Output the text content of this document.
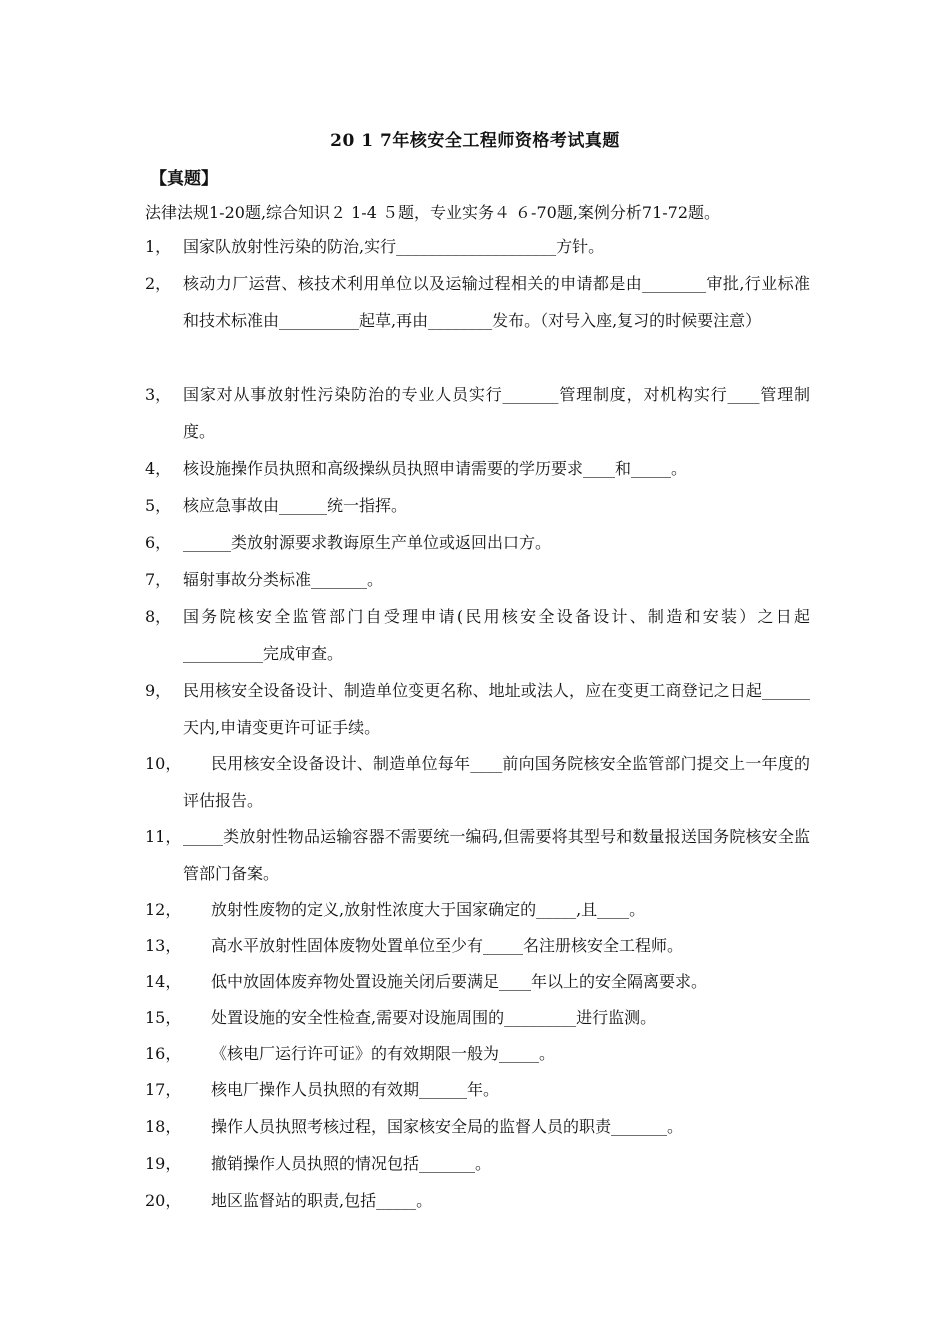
20 1 7年核安全工程师资格考试真题
【真题】
法律法规1-20题,综合知识２ 1-4 ５题，专业实务４ ６-70题,案例分析71-72题。
1， 国家队放射性污染的防治,实行____________________方针。
2， 核动力厂运营、核技术利用单位以及运输过程相关的申请都是由________审批,行业标准和技术标准由__________起草,再由________发布。（对号入座,复习的时候要注意）
3， 国家对从事放射性污染防治的专业人员实行_______管理制度，对机构实行____管理制度。
4， 核设施操作员执照和高级操纵员执照申请需要的学历要求____和_____。
5， 核应急事故由______统一指挥。
6， ______类放射源要求教诲原生产单位或返回出口方。
7， 辐射事故分类标准_______。
8， 国务院核安全监管部门自受理申请(民用核安全设备设计、制造和安装）之日起__________完成审查。
9， 民用核安全设备设计、制造单位变更名称、地址或法人，应在变更工商登记之日起______天内,申请变更许可证手续。
10，	民用核安全设备设计、制造单位每年____前向国务院核安全监管部门提交上一年度的评估报告。
11， _____类放射性物品运输容器不需要统一编码,但需要将其型号和数量报送国务院核安全监管部门备案。
12，	放射性废物的定义,放射性浓度大于国家确定的_____,且____。
13，	高水平放射性固体废物处置单位至少有_____名注册核安全工程师。
14，	低中放固体废弃物处置设施关闭后要满足____年以上的安全隔离要求。
15，	处置设施的安全性检查,需要对设施周围的_________进行监测。
16，	《核电厂运行许可证》的有效期限一般为_____。
17，	核电厂操作人员执照的有效期______年。
18，	操作人员执照考核过程，国家核安全局的监督人员的职责_______。
19，	撤销操作人员执照的情况包括_______。
20，	地区监督站的职责,包括_____。
